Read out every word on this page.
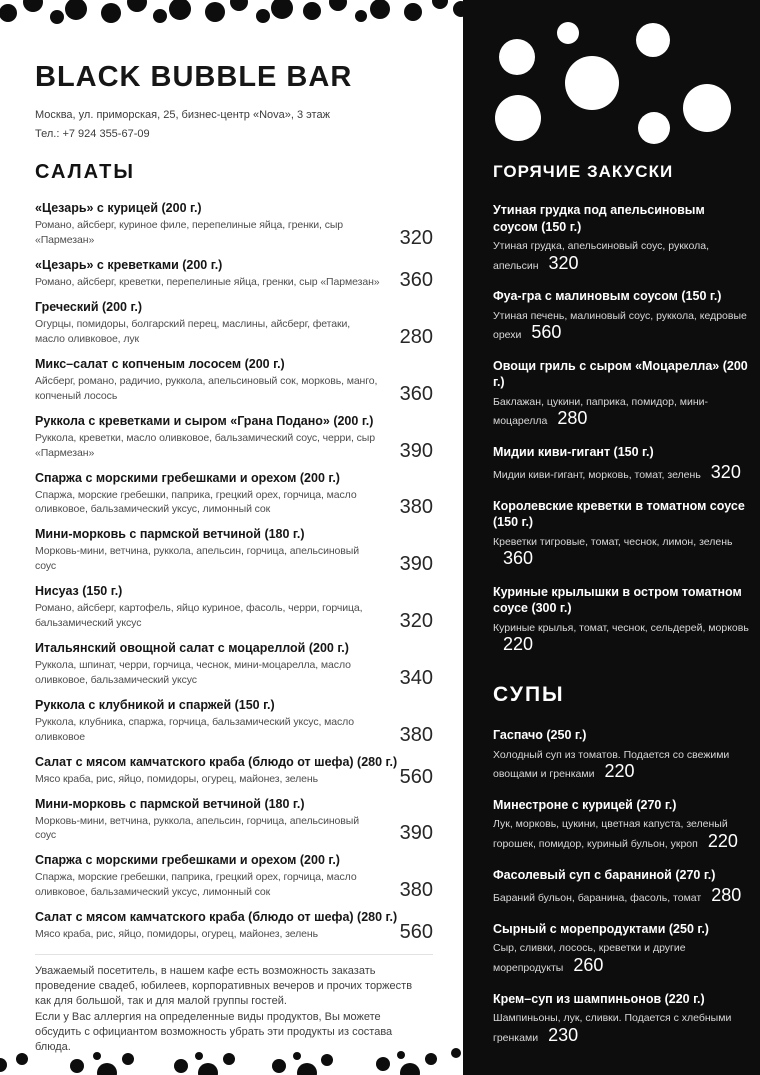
BLACK BUBBLE BAR
Москва, ул. приморская, 25, бизнес-центр «Nova», 3 этаж
Тел.: +7 924 355-67-09
САЛАТЫ
«Цезарь» с курицей (200 г.)
Романо, айсберг, куриное филе, перепелиные яйца, гренки, сыр «Пармезан»	320
«Цезарь» с креветками (200 г.)
Романо, айсберг, креветки, перепелиные яйца, гренки, сыр «Пармезан» 360
Греческий (200 г.)
Огурцы, помидоры, болгарский перец, маслины, айсберг, фетаки, масло оливковое, лук	280
Микс–салат с копченым лососем (200 г.)
Айсберг, романо, радичио, руккола, апельсиновый сок, морковь, манго, копченый лосось	360
Руккола с креветками и сыром «Грана Подано» (200 г.)
Руккола, креветки, масло оливковое, бальзамический соус, черри, сыр «Пармезан»	390
Спаржа с морскими гребешками и орехом (200 г.)
Спаржа, морские гребешки, паприка, грецкий орех, горчица, масло оливковое, бальзамический уксус, лимонный сок	380
Мини-морковь с пармской ветчиной (180 г.)
Морковь-мини, ветчина, руккола, апельсин, горчица, апельсиновый соус	390
Нисуаз (150 г.)
Романо, айсберг, картофель, яйцо куриное, фасоль, черри, горчица, бальзамический уксус	320
Итальянский овощной салат с моцареллой (200 г.)
Руккола, шпинат, черри, горчица, чеснок, мини-моцарелла, масло оливковое, бальзамический уксус	340
Руккола с клубникой и спаржей (150 г.)
Руккола, клубника, спаржа, горчица, бальзамический уксус, масло оливковое	380
Салат с мясом камчатского краба (блюдо от шефа) (280 г.)
Мясо краба, рис, яйцо, помидоры, огурец, майонез, зелень	560
Мини-морковь с пармской ветчиной (180 г.)
Морковь-мини, ветчина, руккола, апельсин, горчица, апельсиновый соус	390
Спаржа с морскими гребешками и орехом (200 г.)
Спаржа, морские гребешки, паприка, грецкий орех, горчица, масло оливковое, бальзамический уксус, лимонный сок	380
Салат с мясом камчатского краба (блюдо от шефа) (280 г.)
Мясо краба, рис, яйцо, помидоры, огурец, майонез, зелень	560

Уважаемый посетитель, в нашем кафе есть возможность заказать проведение свадеб, юбилеев, корпоративных вечеров и прочих торжеств как для большой, так и для малой группы гостей.

Если у Вас аллергия на определенные виды продуктов, Вы можете обсудить с официантом возможность убрать эти продукты из состава блюда.

ГОРЯЧИЕ ЗАКУСКИ
Утиная грудка под апельсиновым соусом (150 г.)
Утиная грудка, апельсиновый соус, руккола, апельсин 320
Фуа-гра с малиновым соусом (150 г.)
Утиная печень, малиновый соус, руккола, кедровые орехи 560
Овощи гриль с сыром «Моцарелла» (200 г.)
Баклажан, цукини, паприка, помидор, мини-моцарелла 280
Мидии киви-гигант (150 г.)
Мидии киви-гигант, морковь, томат, зелень 320
Королевские креветки в томатном соусе (150 г.)
Креветки тигровые, томат, чеснок, лимон, зелень360
Куриные крылышки в остром томатном соусе (300 г.)
Куриные крылья, томат, чеснок, сельдерей, морковь220
СУПЫ
Гаспачо (250 г.)
Холодный суп из томатов. Подается со свежими овощами и гренками 220
Минестроне с курицей (270 г.)
Лук, морковь, цукини, цветная капуста, зеленый горошек, помидор, куриный бульон, укроп 220
Фасолевый суп с бараниной (270 г.)
Бараний бульон, баранина, фасоль, томат 280
Сырный с морепродуктами (250 г.)
Сыр, сливки, лосось, креветки и другие морепродукты 260
Крем–суп из шампиньонов (220 г.)
Шампиньоны, лук, сливки. Подается с хлебными гренками 230
